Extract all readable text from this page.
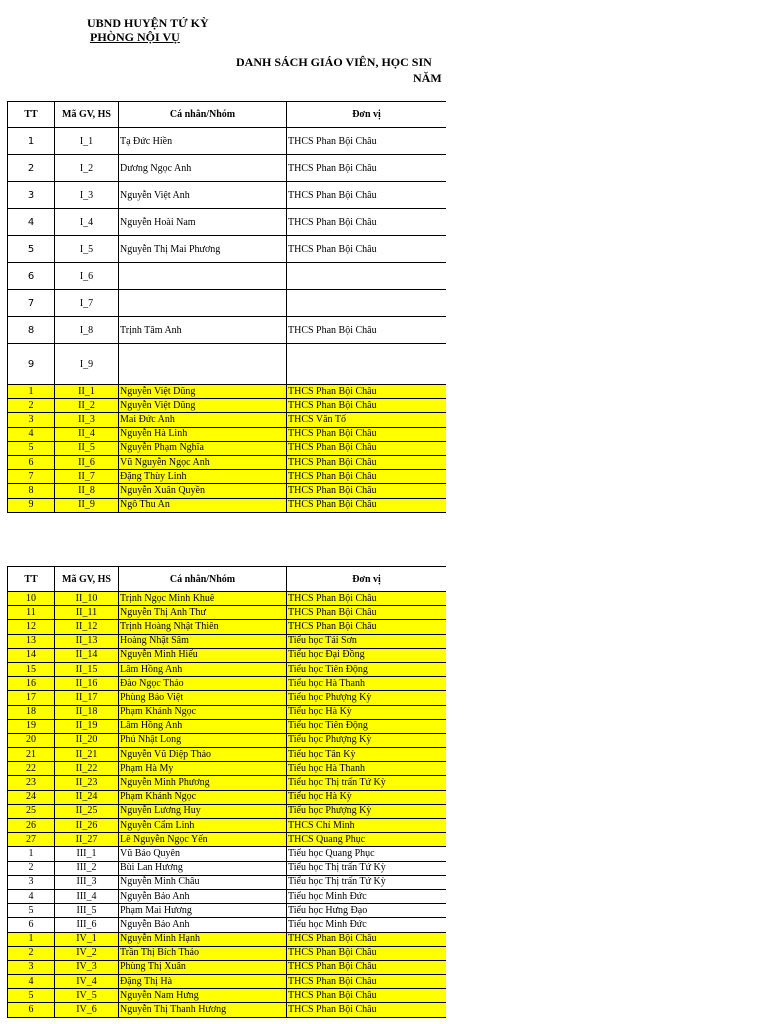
UBND HUYỆN TỨ KỲ
PHÒNG NỘI VỤ
DANH SÁCH GIÁO VIÊN, HỌC SIN
NĂM
TT	Mã GV, HS	Cá nhân/Nhóm	Đơn vị
1	I_1	Tạ Đức Hiền	THCS Phan Bội Châu
2	I_2	Dương Ngọc Anh	THCS Phan Bội Châu
3	I_3	Nguyễn Việt Anh	THCS Phan Bội Châu
4	I_4	Nguyễn Hoài Nam	THCS Phan Bội Châu
5	I_5	Nguyễn Thị Mai Phương	THCS Phan Bội Châu
6	I_6		
7	I_7		
8	I_8	Trịnh Tâm Anh	THCS Phan Bội Châu
9	I_9		
1	II_1	Nguyễn Việt Dũng	THCS Phan Bội Châu
2	II_2	Nguyễn Việt Dũng	THCS Phan Bội Châu
3	II_3	Mai Đức Anh	THCS Văn Tố
4	II_4	Nguyễn Hà Linh	THCS Phan Bội Châu
5	II_5	Nguyễn Phạm Nghĩa	THCS Phan Bội Châu
6	II_6	Vũ Nguyễn Ngọc Anh	THCS Phan Bội Châu
7	II_7	Đặng Thùy Linh	THCS Phan Bội Châu
8	II_8	Nguyễn Xuân Quyền	THCS Phan Bội Châu
9	II_9	Ngô Thu An	THCS Phan Bội Châu
TT	Mã GV, HS	Cá nhân/Nhóm	Đơn vị
10	II_10	Trịnh Ngọc Minh Khuê	THCS Phan Bội Châu
11	II_11	Nguyễn Thị Anh Thư	THCS Phan Bội Châu
12	II_12	Trịnh Hoàng Nhật Thiên	THCS Phan Bội Châu
13	II_13	Hoàng Nhật Sâm	Tiểu học Tái Sơn
14	II_14	Nguyễn Minh Hiếu	Tiểu học Đại Đồng
15	II_15	Lâm Hồng Anh	Tiểu học Tiên Động
16	II_16	Đào Ngọc Thảo	Tiểu học Hà Thanh
17	II_17	Phùng Bảo Việt	Tiểu học Phượng Kỳ
18	II_18	Phạm Khánh Ngọc	Tiểu học Hà Kỳ
19	II_19	Lâm Hồng Anh	Tiểu học Tiên Động
20	II_20	Phú Nhật Long	Tiểu học Phượng Kỳ
21	II_21	Nguyễn Vũ Diệp Thảo	Tiểu học Tân Kỳ
22	II_22	Phạm Hà My	Tiểu học Hà Thanh
23	II_23	Nguyễn Minh Phương	Tiểu học Thị trấn Tứ Kỳ
24	II_24	Phạm Khánh Ngọc	Tiểu học Hà Kỳ
25	II_25	Nguyễn Lương Huy	Tiểu học Phượng Kỳ
26	II_26	Nguyễn Cẩm Linh	THCS Chí Minh
27	II_27	Lê Nguyễn Ngọc Yến	THCS Quang Phục
1	III_1	Vũ Bảo Quyên	Tiểu học Quang Phục
2	III_2	Bùi Lan Hương	Tiểu học Thị trấn Tứ Kỳ
3	III_3	Nguyễn Minh Châu	Tiểu học Thị trấn Tứ Kỳ
4	III_4	Nguyễn Bảo Anh	Tiểu học Minh Đức
5	III_5	Phạm Mai Hương	Tiểu học Hưng Đạo
6	III_6	Nguyễn Bảo Anh	Tiểu học Minh Đức
1	IV_1	Nguyễn Minh Hạnh	THCS Phan Bội Châu
2	IV_2	Trần Thị Bích Thảo	THCS Phan Bội Châu
3	IV_3	Phùng Thị Xuân	THCS Phan Bội Châu
4	IV_4	Đặng Thị Hà	THCS Phan Bội Châu
5	IV_5	Nguyễn Nam Hưng	THCS Phan Bội Châu
6	IV_6	Nguyễn Thị Thanh Hương	THCS Phan Bội Châu
